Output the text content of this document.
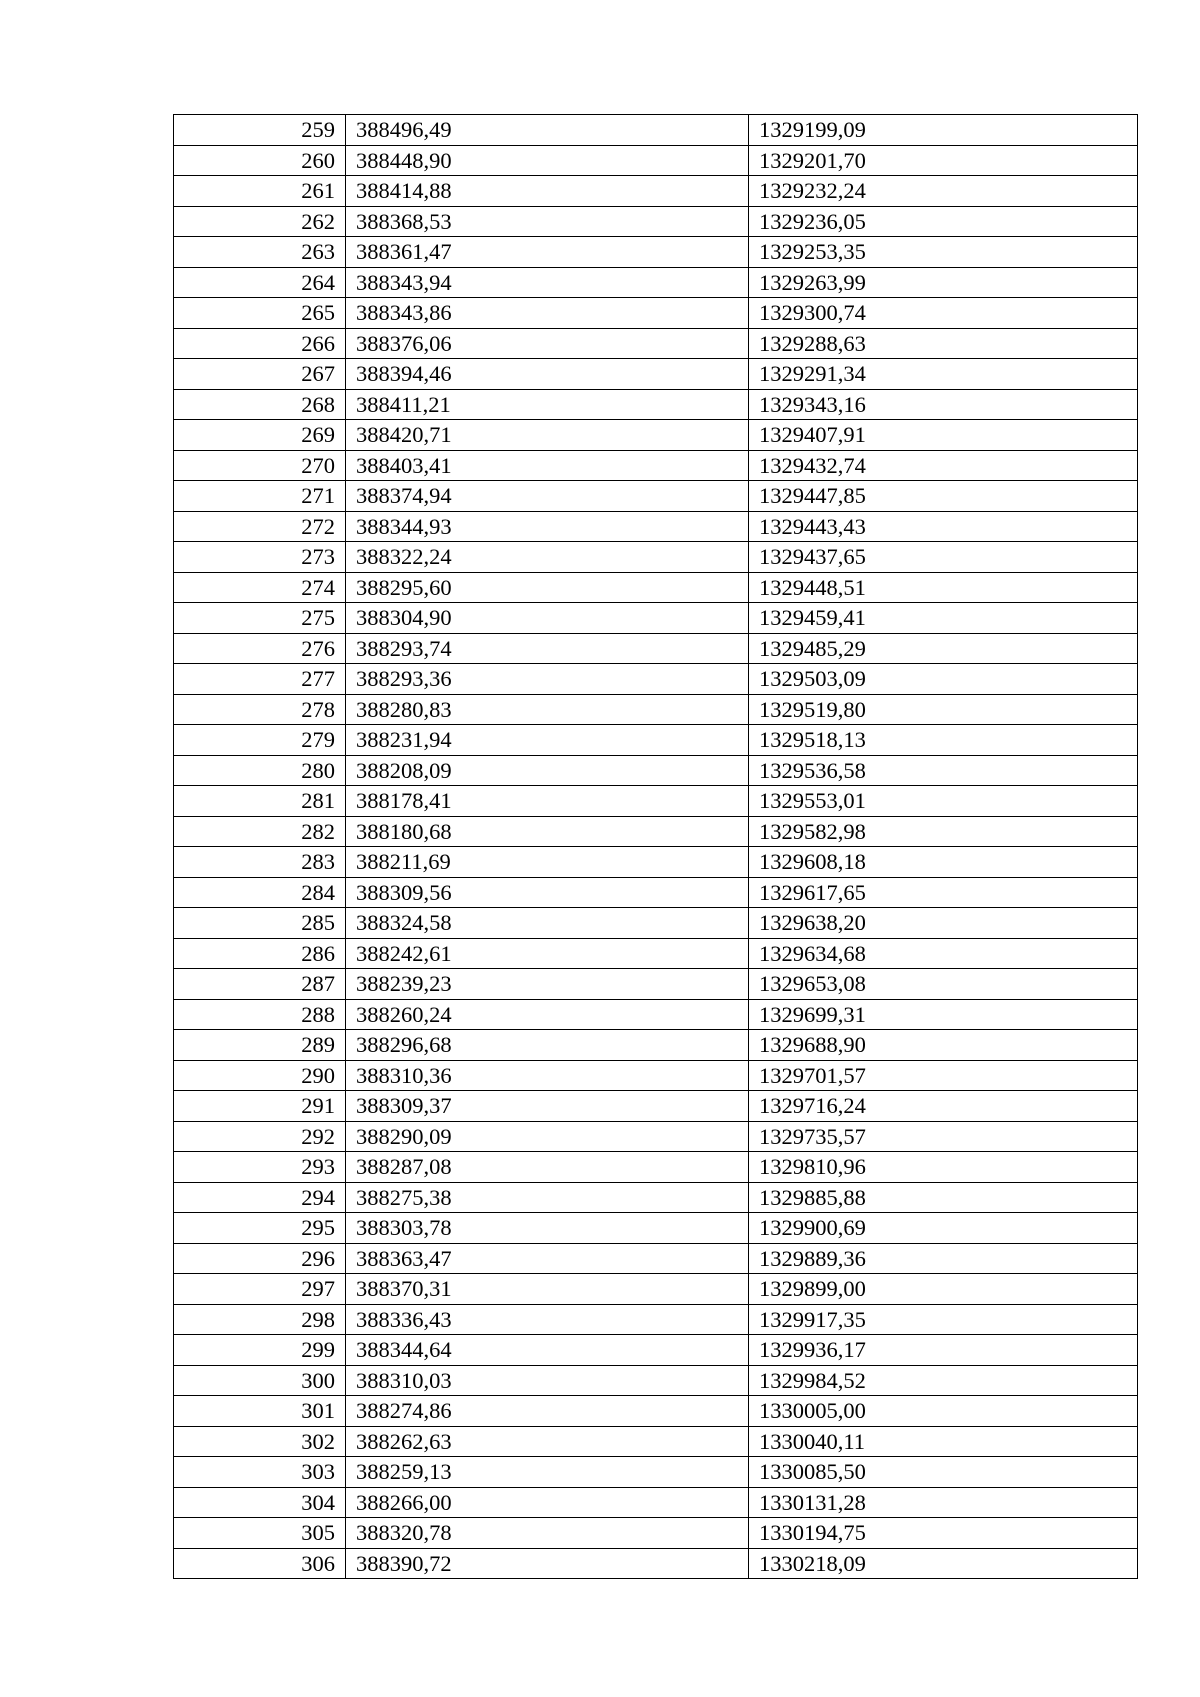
259	388496,49	1329199,09
260	388448,90	1329201,70
261	388414,88	1329232,24
262	388368,53	1329236,05
263	388361,47	1329253,35
264	388343,94	1329263,99
265	388343,86	1329300,74
266	388376,06	1329288,63
267	388394,46	1329291,34
268	388411,21	1329343,16
269	388420,71	1329407,91
270	388403,41	1329432,74
271	388374,94	1329447,85
272	388344,93	1329443,43
273	388322,24	1329437,65
274	388295,60	1329448,51
275	388304,90	1329459,41
276	388293,74	1329485,29
277	388293,36	1329503,09
278	388280,83	1329519,80
279	388231,94	1329518,13
280	388208,09	1329536,58
281	388178,41	1329553,01
282	388180,68	1329582,98
283	388211,69	1329608,18
284	388309,56	1329617,65
285	388324,58	1329638,20
286	388242,61	1329634,68
287	388239,23	1329653,08
288	388260,24	1329699,31
289	388296,68	1329688,90
290	388310,36	1329701,57
291	388309,37	1329716,24
292	388290,09	1329735,57
293	388287,08	1329810,96
294	388275,38	1329885,88
295	388303,78	1329900,69
296	388363,47	1329889,36
297	388370,31	1329899,00
298	388336,43	1329917,35
299	388344,64	1329936,17
300	388310,03	1329984,52
301	388274,86	1330005,00
302	388262,63	1330040,11
303	388259,13	1330085,50
304	388266,00	1330131,28
305	388320,78	1330194,75
306	388390,72	1330218,09
